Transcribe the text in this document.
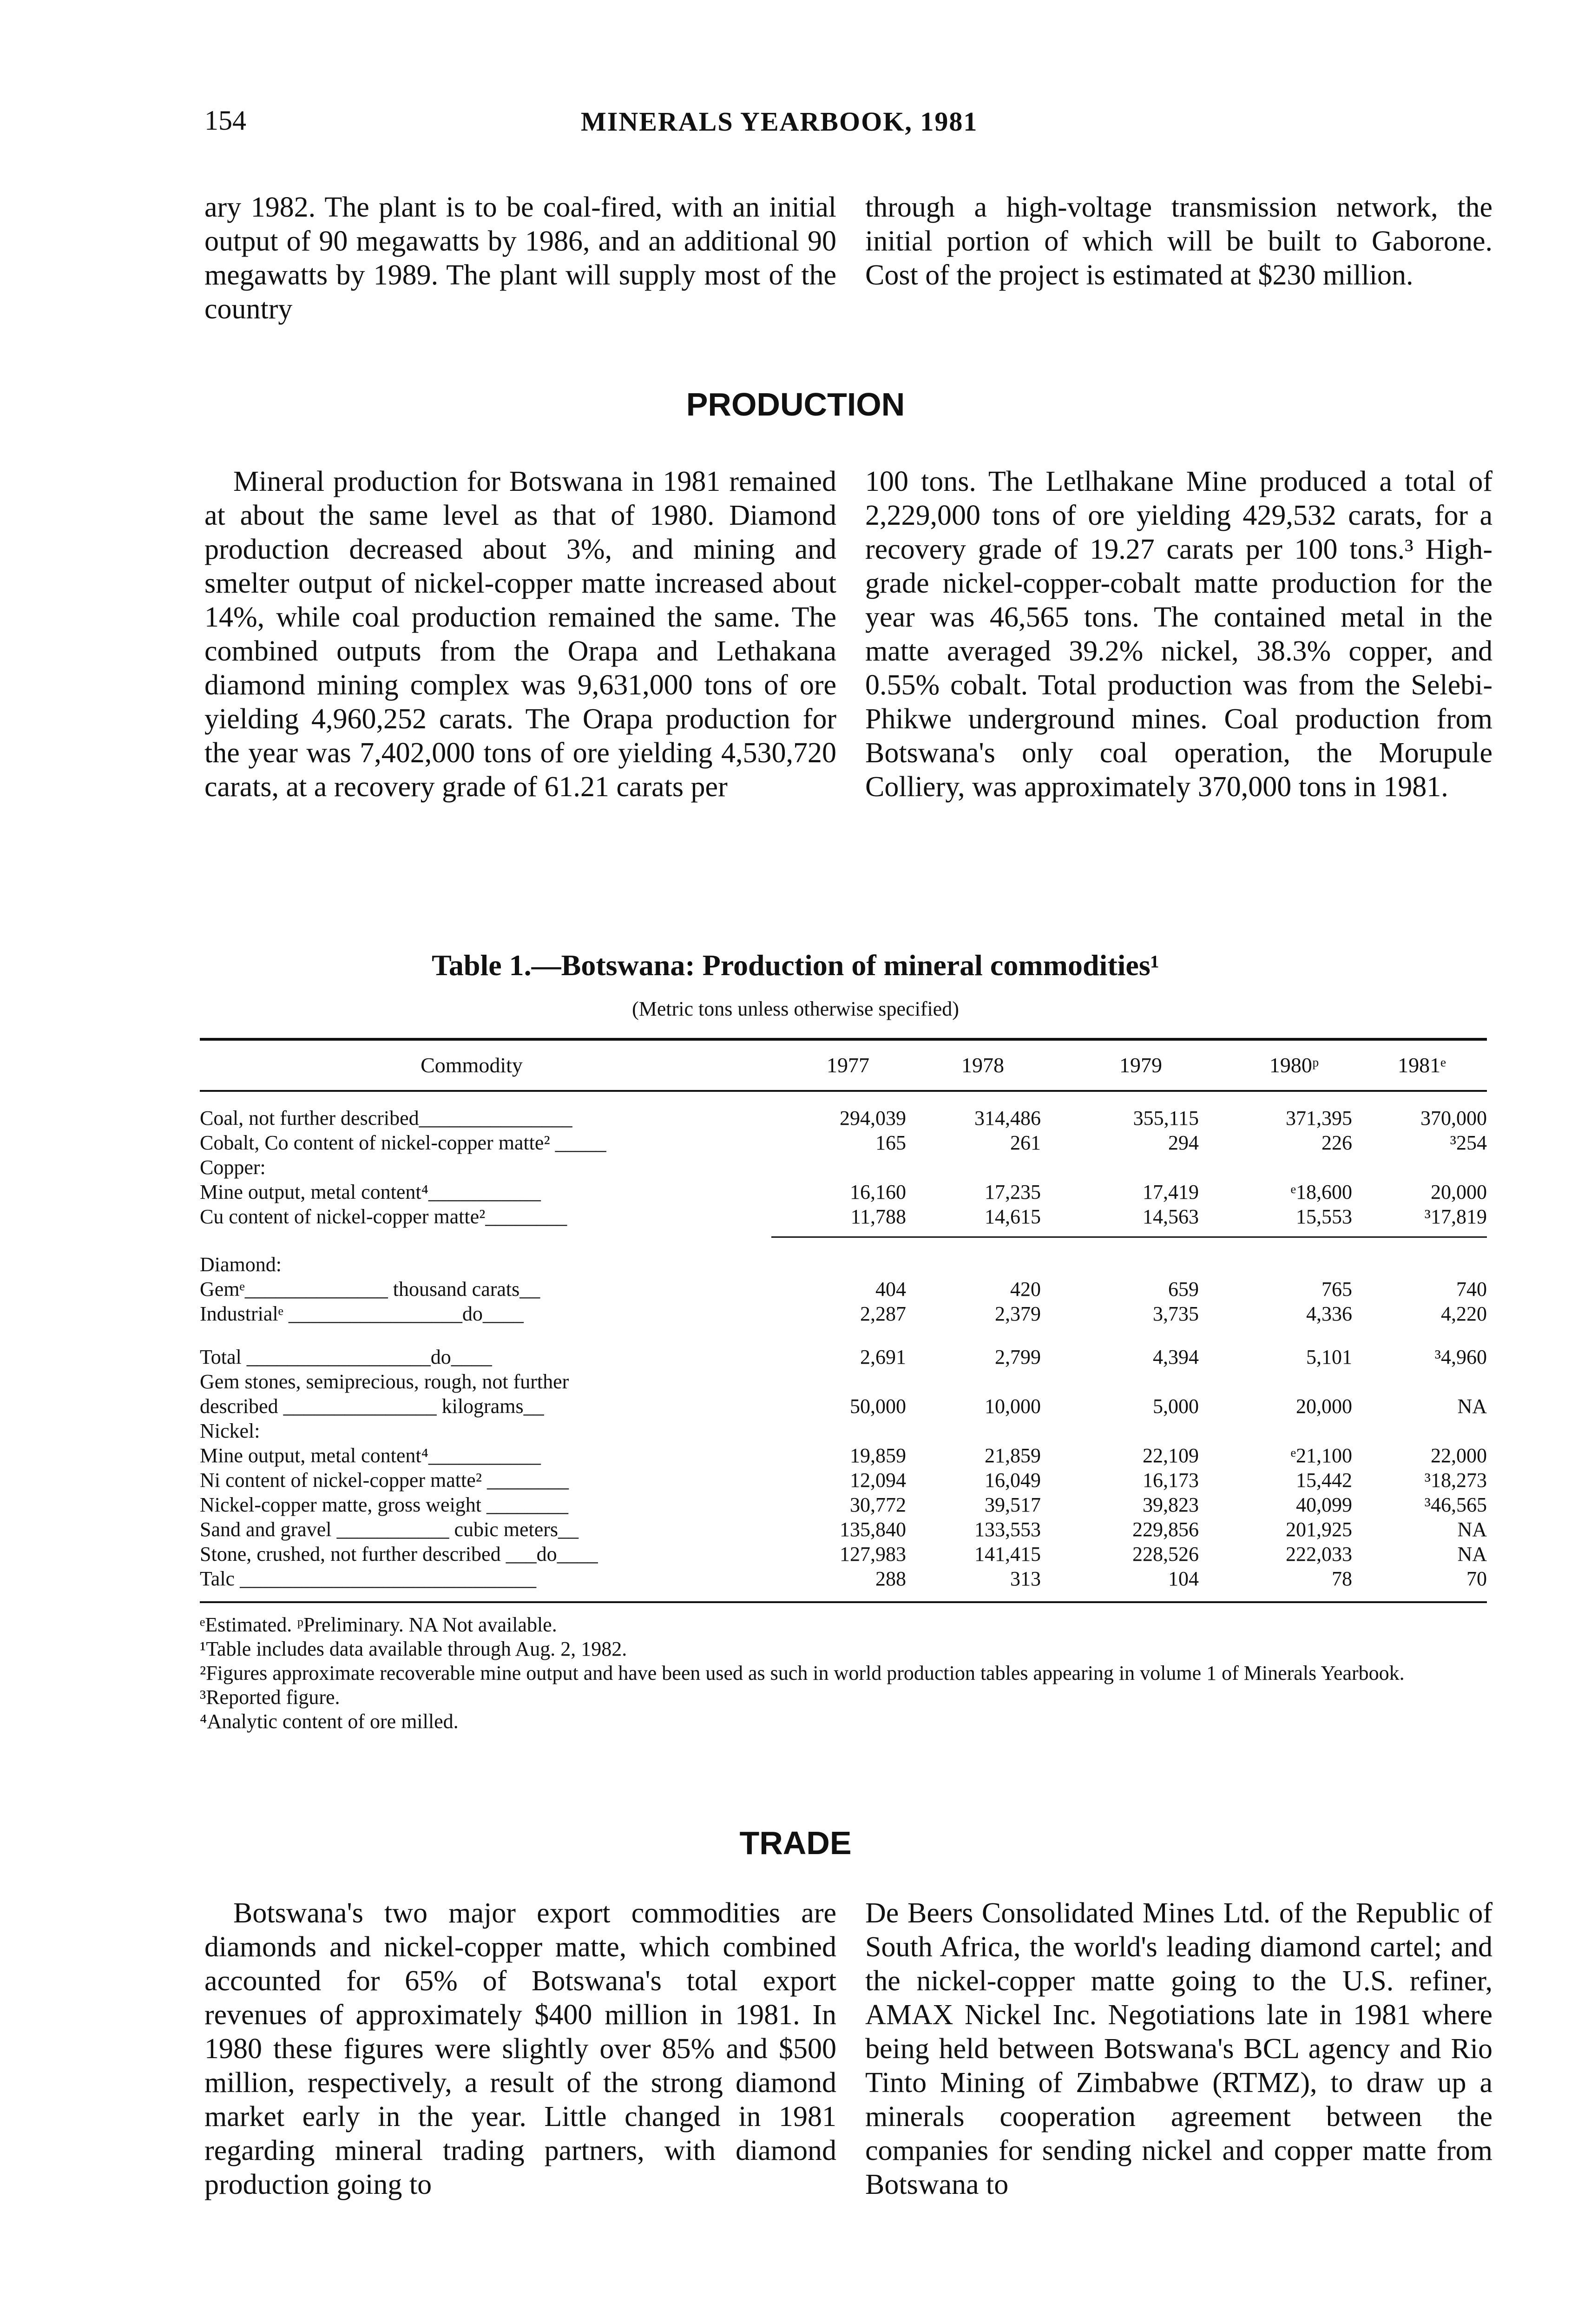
154	MINERALS YEARBOOK, 1981

ary 1982. The plant is to be coal-fired, with an initial output of 90 megawatts by 1986, and an additional 90 megawatts by 1989. The plant will supply most of the country

through a high-voltage transmission network, the initial portion of which will be built to Gaborone. Cost of the project is estimated at $230 million.

PRODUCTION

Mineral production for Botswana in 1981 remained at about the same level as that of 1980. Diamond production decreased about 3%, and mining and smelter output of nickel-copper matte increased about 14%, while coal production remained the same. The combined outputs from the Orapa and Lethakana diamond mining complex was 9,631,000 tons of ore yielding 4,960,252 carats. The Orapa production for the year was 7,402,000 tons of ore yielding 4,530,720 carats, at a recovery grade of 61.21 carats per

100 tons. The Letlhakane Mine produced a total of 2,229,000 tons of ore yielding 429,532 carats, for a recovery grade of 19.27 carats per 100 tons.³ High-grade nickel-copper-cobalt matte production for the year was 46,565 tons. The contained metal in the matte averaged 39.2% nickel, 38.3% copper, and 0.55% cobalt. Total production was from the Selebi-Phikwe underground mines. Coal production from Botswana's only coal operation, the Morupule Colliery, was approximately 370,000 tons in 1981.

Table 1.—Botswana: Production of mineral commodities¹
(Metric tons unless otherwise specified)
Commodity	1977	1978	1979	1980ᵖ	1981ᵉ
Coal, not further described_______________	294,039	314,486	355,115	371,395	370,000
Cobalt, Co content of nickel-copper matte² _____	165	261	294	226	³254
Copper:
Mine output, metal content⁴___________	16,160	17,235	17,419	ᵉ18,600	20,000
Cu content of nickel-copper matte²________	11,788	14,615	14,563	15,553	³17,819
Diamond:
Gemᵉ______________ thousand carats__	404	420	659	765	740
Industrialᵉ _________________do____	2,287	2,379	3,735	4,336	4,220
Total __________________do____	2,691	2,799	4,394	5,101	³4,960
Gem stones, semiprecious, rough, not further
described _______________ kilograms__	50,000	10,000	5,000	20,000	NA
Nickel:
Mine output, metal content⁴___________	19,859	21,859	22,109	ᵉ21,100	22,000
Ni content of nickel-copper matte² ________	12,094	16,049	16,173	15,442	³18,273
Nickel-copper matte, gross weight ________	30,772	39,517	39,823	40,099	³46,565
Sand and gravel ___________ cubic meters__	135,840	133,553	229,856	201,925	NA
Stone, crushed, not further described ___do____	127,983	141,415	228,526	222,033	NA
Talc _____________________________	288	313	104	78	70

ᵉEstimated. ᵖPreliminary. NA Not available.

¹Table includes data available through Aug. 2, 1982.

²Figures approximate recoverable mine output and have been used as such in world production tables appearing in volume 1 of Minerals Yearbook.

³Reported figure.

⁴Analytic content of ore milled.

TRADE

Botswana's two major export commodities are diamonds and nickel-copper matte, which combined accounted for 65% of Botswana's total export revenues of approximately $400 million in 1981. In 1980 these figures were slightly over 85% and $500 million, respectively, a result of the strong diamond market early in the year. Little changed in 1981 regarding mineral trading partners, with diamond production going to

De Beers Consolidated Mines Ltd. of the Republic of South Africa, the world's leading diamond cartel; and the nickel-copper matte going to the U.S. refiner, AMAX Nickel Inc. Negotiations late in 1981 where being held between Botswana's BCL agency and Rio Tinto Mining of Zimbabwe (RTMZ), to draw up a minerals cooperation agreement between the companies for sending nickel and copper matte from Botswana to
